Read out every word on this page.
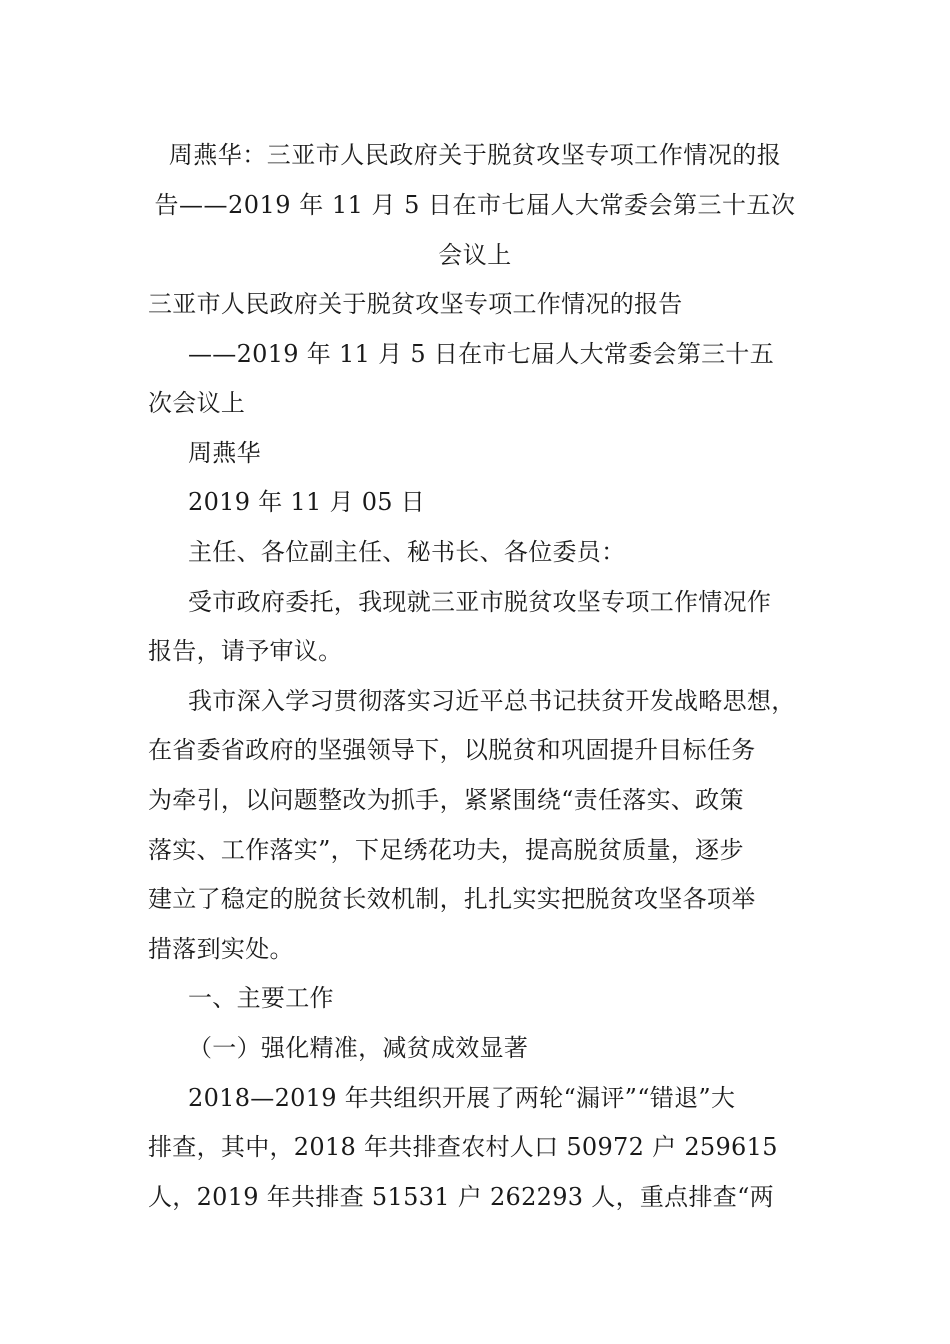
周燕华：三亚市人民政府关于脱贫攻坚专项工作情况的报
告——2019 年 11 月 5 日在市七届人大常委会第三十五次
会议上

三亚市人民政府关于脱贫攻坚专项工作情况的报告

——2019 年 11 月 5 日在市七届人大常委会第三十五
次会议上

周燕华

2019 年 11 月 05 日

主任、各位副主任、秘书长、各位委员：

受市政府委托，我现就三亚市脱贫攻坚专项工作情况作
报告，请予审议。

我市深入学习贯彻落实习近平总书记扶贫开发战略思想，
在省委省政府的坚强领导下，以脱贫和巩固提升目标任务
为牵引，以问题整改为抓手，紧紧围绕“责任落实、政策
落实、工作落实”，下足绣花功夫，提高脱贫质量，逐步
建立了稳定的脱贫长效机制，扎扎实实把脱贫攻坚各项举
措落到实处。

一、主要工作

（一）强化精准，减贫成效显著

2018—2019 年共组织开展了两轮“漏评”“错退”大
排查，其中，2018 年共排查农村人口 50972 户 259615
人，2019 年共排查 51531 户 262293 人，重点排查“两
